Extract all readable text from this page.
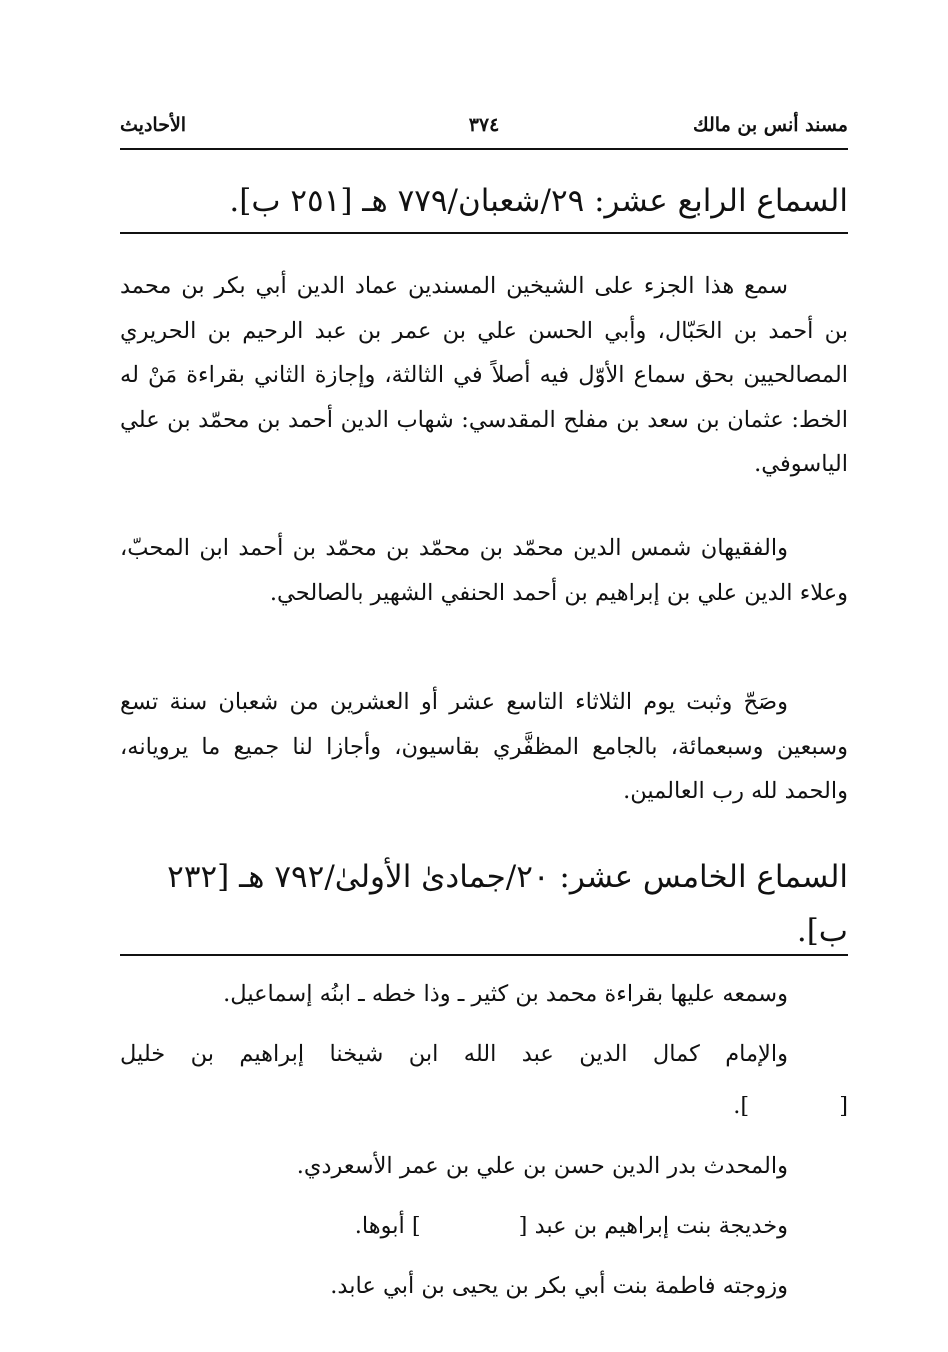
مسند أنس بن مالك
٣٧٤
الأحاديث
السماع الرابع عشر: ٢٩/شعبان/٧٧٩ هـ [٢٥١ ب].

سمع هذا الجزء على الشيخين المسندين عماد الدين أبي بكر بن محمد بن أحمد بن الحَبّال، وأبي الحسن علي بن عمر بن عبد الرحيم بن الحريري المصالحيين بحق سماع الأوّل فيه أصلاً في الثالثة، وإجازة الثاني بقراءة مَنْ له الخط: عثمان بن سعد بن مفلح المقدسي: شهاب الدين أحمد بن محمّد بن علي الياسوفي.

والفقيهان شمس الدين محمّد بن محمّد بن محمّد بن أحمد ابن المحبّ، وعلاء الدين علي بن إبراهيم بن أحمد الحنفي الشهير بالصالحي.

وصَحّ وثبت يوم الثلاثاء التاسع عشر أو العشرين من شعبان سنة تسع وسبعين وسبعمائة، بالجامع المظفَّري بقاسيون، وأجازا لنا جميع ما يرويانه، والحمد لله رب العالمين.

السماع الخامس عشر: ٢٠/جمادىٰ الأولىٰ/٧٩٢ هـ [٢٣٢ ب].

وسمعه عليها بقراءة محمد بن كثير ـ وذا خطه ـ ابنُه إسماعيل.

والإمام كمال الدين عبد الله ابن شيخنا إبراهيم بن خليل

[].

والمحدث بدر الدين حسن بن علي بن عمر الأسعردي.

وخديجة بنت إبراهيم بن عبد [] أبوها.

وزوجته فاطمة بنت أبي بكر بن يحيى بن أبي عابد.
